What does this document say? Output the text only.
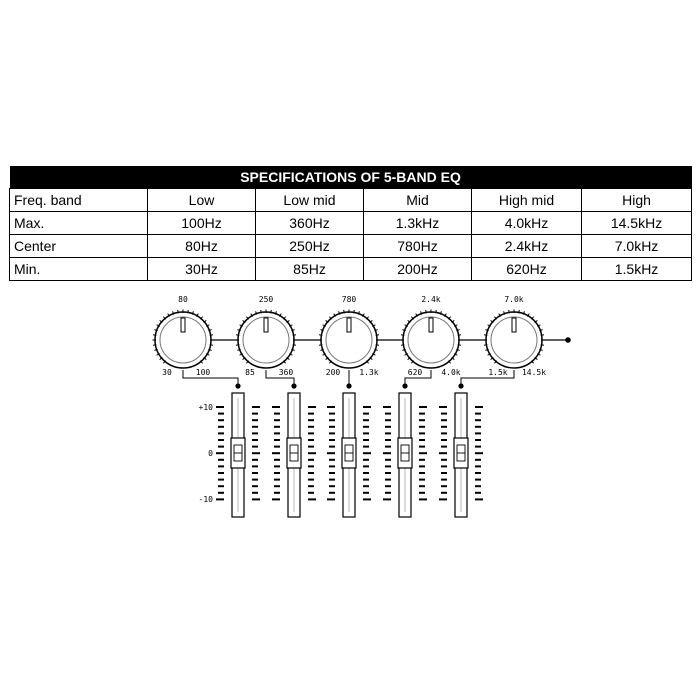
SPECIFICATIONS OF 5-BAND EQ					
Freq. band	Low	Low mid	Mid	High mid	High
Max.	100Hz	360Hz	1.3kHz	4.0kHz	14.5kHz
Center	80Hz	250Hz	780Hz	2.4kHz	7.0kHz
Min.	30Hz	85Hz	200Hz	620Hz	1.5kHz
80
30	100
250
85	360
780
200 1.3k
2.4k
620 4.0k
7.0k
1.5k 14.5k
+10
0
-10
